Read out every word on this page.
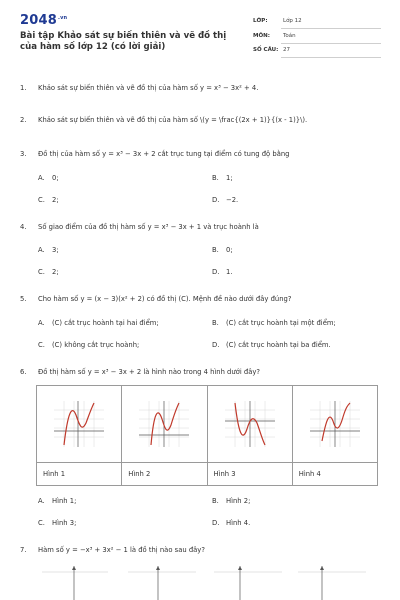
$2048^{.vn}$
Bài tập Khảo sát sự biến thiên và vẽ đồ thị của hàm số lớp 12 (có lời giải)
LỚP:	Lớp 12
MÔN: Toán
SỐ CÂU: 27
1. Khảo sát sự biến thiên và vẽ đồ thị của hàm số y = x³ − 3x² + 4.
2. Khảo sát sự biến thiên và vẽ đồ thị của hàm số \(y = \frac{(2x + 1)}{(x - 1)}\).
3. Đồ thị của hàm số y = x³ − 3x + 2 cắt trục tung tại điểm có tung độ bằng
A. 0;	B. 1;
C. 2;	D. −2.
4. Số giao điểm của đồ thị hàm số y = x³ − 3x + 1 và trục hoành là
A. 3;	B. 0;
C. 2;	D. 1.
5. Cho hàm số y = (x − 3)(x² + 2) có đồ thị (C). Mệnh đề nào dưới đây đúng?
A. (C) cắt trục hoành tại hai điểm;	B. (C) cắt trục hoành tại một điểm;
C. (C) không cắt trục hoành;	D. (C) cắt trục hoành tại ba điểm.
6. Đồ thị hàm số y = x³ − 3x + 2 là hình nào trong 4 hình dưới đây?

Hình 1	Hình 2	Hình 3	Hình 4
A. Hình 1;	B. Hình 2;
C. Hình 3;	D. Hình 4.
7. Hàm số y = −x³ + 3x² − 1 là đồ thị nào sau đây?
